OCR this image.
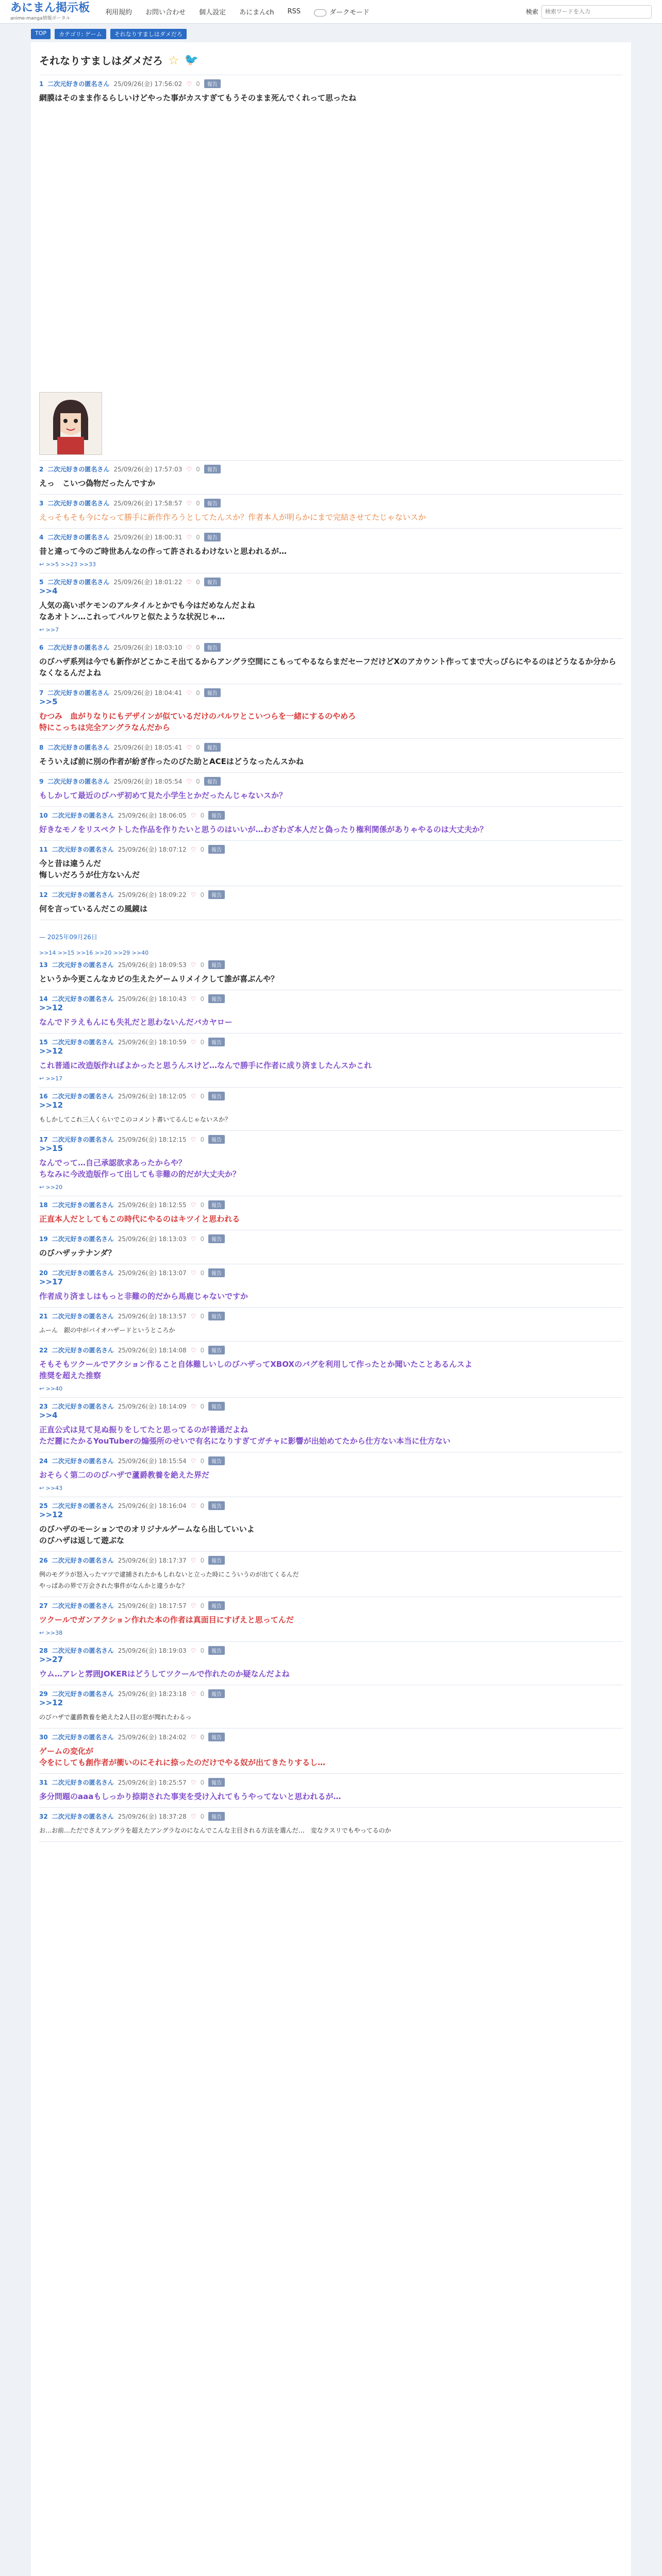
あにまん掲示板
anime-manga情報ポータル
利用規約 お問い合わせ 個人設定 あにまんch RSS	ダークモード	検索
検索ワードを入力
TOP	カテゴリ: ゲーム	それなりすましはダメだろ
それなりすましはダメだろ ☆ 🐦
1 二次元好きの匿名さん 25/09/26(金) 17:56:02 ♡ 0	報告
網膜はそのまま作るらしいけどやった事がカスすぎてもうそのまま死んでくれって思ったね
2 二次元好きの匿名さん 25/09/26(金) 17:57:03 ♡ 0	報告
えっ　こいつ偽物だったんですか
3 二次元好きの匿名さん 25/09/26(金) 17:58:57 ♡ 0	報告
えっそもそも今になって勝手に新作作ろうとしてたんスか？作者本人が明らかにまで完結させてたじゃないスか
4 二次元好きの匿名さん 25/09/26(金) 18:00:31 ♡ 0	報告
昔と違って今のご時世あんなの作って許されるわけないと思われるが…
↩ >>5 >>23 >>33
5 二次元好きの匿名さん 25/09/26(金) 18:01:22 ♡ 0	報告
>>4
人気の高いポケモンのアルタイルとかでも今はだめなんだよね
なあオトン…これってパルワと似たような状況じゃ…
↩ >>7
6 二次元好きの匿名さん 25/09/26(金) 18:03:10 ♡ 0	報告
のびハザ系列は今でも新作がどこかこそ出てるからアングラ空間にこもってやるならまだセーフだけどXのアカウント作ってまで大っぴらにやるのはどうなるか分からなくなるんだよね
7 二次元好きの匿名さん 25/09/26(金) 18:04:41 ♡ 0	報告
>>5
むつみ　血がりなりにもデザインが似ているだけのパルワとこいつらを一緒にするのやめろ
特にこっちは完全アングラなんだから
8 二次元好きの匿名さん 25/09/26(金) 18:05:41 ♡ 0	報告
そういえば前に別の作者が紛ぎ作ったのびた助とACEはどうなったんスかね
9 二次元好きの匿名さん 25/09/26(金) 18:05:54 ♡ 0	報告
もしかして最近のびハザ初めて見た小学生とかだったんじゃないスか？
10 二次元好きの匿名さん 25/09/26(金) 18:06:05 ♡ 0	報告
好きなモノをリスペクトした作品を作りたいと思うのはいいが…わざわざ本人だと偽ったり権利関係がありゃやるのは大丈夫か？
11 二次元好きの匿名さん 25/09/26(金) 18:07:12 ♡ 0	報告
今と昔は違うんだ
悔しいだろうが仕方ないんだ
12 二次元好きの匿名さん 25/09/26(金) 18:09:22 ♡ 0	報告
何を言っているんだこの風鏡は
— 2025年09月26日
>>14 >>15 >>16 >>20 >>29 >>40
13 二次元好きの匿名さん 25/09/26(金) 18:09:53 ♡ 0	報告
というか今更こんなカビの生えたゲームリメイクして誰が喜ぶんや？
14 二次元好きの匿名さん 25/09/26(金) 18:10:43 ♡ 0	報告
>>12
なんでドラえもんにも失礼だと思わないんだバカヤロー
15 二次元好きの匿名さん 25/09/26(金) 18:10:59 ♡ 0	報告
>>12
これ普通に改造版作ればよかったと思うんスけど…なんで勝手に作者に成り済ましたんスかこれ
↩ >>17
16 二次元好きの匿名さん 25/09/26(金) 18:12:05 ♡ 0	報告
>>12
もしかしてこれ三人くらいでこのコメント書いてるんじゃないスか？
17 二次元好きの匿名さん 25/09/26(金) 18:12:15 ♡ 0	報告
>>15
なんでって…自己承認欲求あったからや？
ちなみに今改造版作って出しても非難の的だが大丈夫か？
↩ >>20
18 二次元好きの匿名さん 25/09/26(金) 18:12:55 ♡ 0	報告
正直本人だとしてもこの時代にやるのはキツイと思われる
19 二次元好きの匿名さん 25/09/26(金) 18:13:03 ♡ 0	報告
のびハザッテナンダ？
20 二次元好きの匿名さん 25/09/26(金) 18:13:07 ♡ 0	報告
>>17
作者成り済ましはもっと非難の的だから馬鹿じゃないですか
21 二次元好きの匿名さん 25/09/26(金) 18:13:57 ♡ 0	報告
ふーん　銀の中がバイオハザードというところか
22 二次元好きの匿名さん 25/09/26(金) 18:14:08 ♡ 0	報告
そもそもツクールでアクション作ること自体難しいしのびハザってXBOXのバグを利用して作ったとか聞いたことあるんスよ
推奨を超えた推察
↩ >>40
23 二次元好きの匿名さん 25/09/26(金) 18:14:09 ♡ 0	報告
>>4
正直公式は見て見ぬ振りをしてたと思ってるのが普通だよね
ただ麗にたかるYouTuberの煽張所のせいで有名になりすぎてガチャに影響が出始めてたから仕方ない本当に仕方ない
24 二次元好きの匿名さん 25/09/26(金) 18:15:54 ♡ 0	報告
おそらく第二ののびハザで蘆爵教養を絶えた界だ
↩ >>43
25 二次元好きの匿名さん 25/09/26(金) 18:16:04 ♡ 0	報告
>>12
のびハザのモーションでのオリジナルゲームなら出していいよ
のびハザは返して遊ぶな
26 二次元好きの匿名さん 25/09/26(金) 18:17:37 ♡ 0	報告
例のモグラが怒入ったマツで逮捕されたかもしれないと立った時にこういうのが出てくるんだ
やっぱあの界で万会された事件がなんかと違うかな？
27 二次元好きの匿名さん 25/09/26(金) 18:17:57 ♡ 0	報告
ツクールでガンアクション作れた本の作者は真面目にすげえと思ってんだ
↩ >>38
28 二次元好きの匿名さん 25/09/26(金) 18:19:03 ♡ 0	報告
>>27
ウム…アレと雰囲JOKERはどうしてツクールで作れたのか疑なんだよね
29 二次元好きの匿名さん 25/09/26(金) 18:23:18 ♡ 0	報告
>>12
のびハザで蘆爵教養を絶えた2人目の窓が聞れたわるっ
30 二次元好きの匿名さん 25/09/26(金) 18:24:02 ♡ 0	報告
ゲームの変化が
令をにしても創作者が衝いのにそれに捺ったのだけでやる奴が出てきたりするし…
31 二次元好きの匿名さん 25/09/26(金) 18:25:57 ♡ 0	報告
多分問題のaaaもしっかり捺期された事実を受け入れてもうやってないと思われるが…
32 二次元好きの匿名さん 25/09/26(金) 18:37:28 ♡ 0	報告
お…お前…ただでさえアングラを超えたアングラなのになんでこんな主目される方法を選んだ…　変なクスリでもやってるのか
